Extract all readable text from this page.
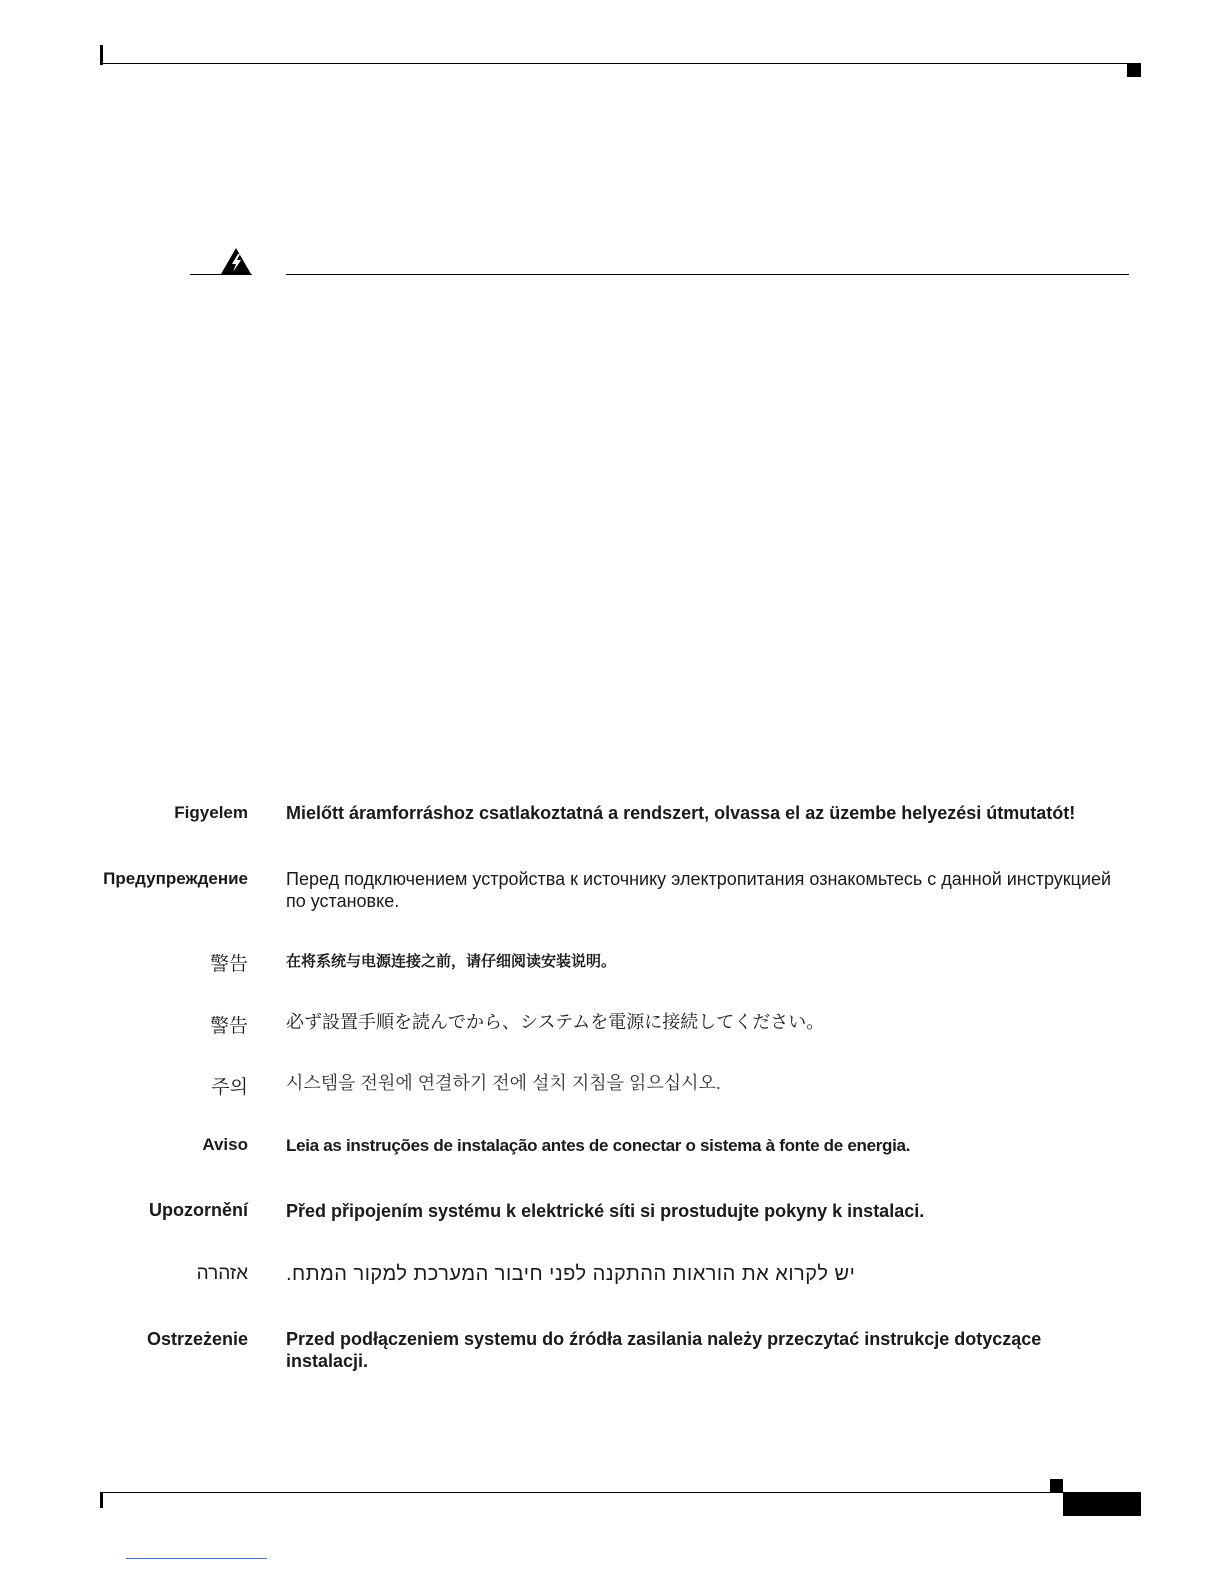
Figyelem Mielőtt áramforráshoz csatlakoztatná a rendszert, olvassa el az üzembe helyezési útmutatót!
Предупреждение Перед подключением устройства к источнику электропитания ознакомьтесь с данной инструкцией по установке.
警告	在将系统与电源连接之前，请仔细阅读安装说明。
警告 必ず設置手順を読んでから、システムを電源に接続してください。
주의 시스템을 전원에 연결하기 전에 설치 지침을 읽으십시오.
Aviso Leia as instruções de instalação antes de conectar o sistema à fonte de energia.
Upozornění Před připojením systému k elektrické síti si prostudujte pokyny k instalaci.
אזהרה יש לקרוא את הוראות ההתקנה לפני חיבור המערכת למקור המתח.
Ostrzeżenie Przed podłączeniem systemu do źródła zasilania należy przeczytać instrukcje dotyczące instalacji.
